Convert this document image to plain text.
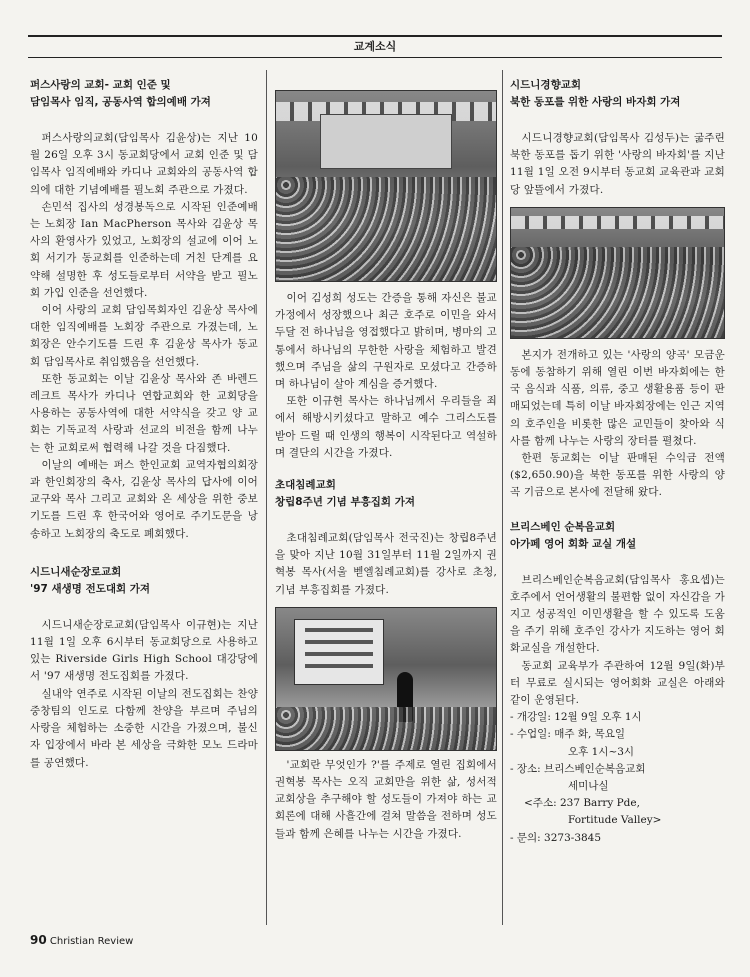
교계소식
퍼스사랑의 교회- 교회 인준 및
담임목사 임직, 공동사역 합의예배 가져

퍼스사랑의교회(담임목사 김윤상)는 지난 10월 26일 오후 3시 동교회당에서 교회 인준 및 담임목사 임직예배와 카디나 교회와의 공동사역 합의에 대한 기념예배를 필노회 주관으로 가졌다.

손민석 집사의 성경봉독으로 시작된 인준예배는 노회장 Ian MacPherson 목사와 김윤상 목사의 환영사가 있었고, 노회장의 설교에 이어 노회 서기가 동교회를 인준하는데 거친 단계를 요약해 설명한 후 성도들로부터 서약을 받고 필노회 가입 인준을 선언했다.

이어 사랑의 교회 담임목회자인 김윤상 목사에 대한 임직예배를 노회장 주관으로 가졌는데, 노회장은 안수기도를 드린 후 김윤상 목사가 동교회 담임목사로 취임했음을 선언했다.

또한 동교회는 이날 김윤상 목사와 존 바렌드레크트 목사가 카디나 연합교회와 한 교회당을 사용하는 공동사역에 대한 서약식을 갖고 양 교회는 기독교적 사랑과 선교의 비전을 함께 나누는 한 교회로써 협력해 나갈 것을 다짐했다.

이날의 예배는 퍼스 한인교회 교역자협의회장과 한인회장의 축사, 김윤상 목사의 답사에 이어 교구와 목사 그리고 교회와 온 세상을 위한 중보기도를 드린 후 한국어와 영어로 주기도문을 낭송하고 노회장의 축도로 폐회했다.

시드니새순장로교회
'97 새생명 전도대회 가져

시드니새순장로교회(담임목사 이규현)는 지난 11월 1일 오후 6시부터 동교회당으로 사용하고 있는 Riverside Girls High School 대강당에서 '97 새생명 전도집회를 가졌다.

실내악 연주로 시작된 이날의 전도집회는 찬양 중창팀의 인도로 다함께 찬양을 부르며 주님의 사랑을 체험하는 소중한 시간을 가졌으며, 불신자 입장에서 바라 본 세상을 극화한 모노 드라마를 공연했다.

이어 김성희 성도는 간증을 통해 자신은 불교가정에서 성장했으나 최근 호주로 이민을 와서 두달 전 하나님을 영접했다고 밝히며, 병마의 고통에서 하나님의 무한한 사랑을 체험하고 발견했으며 주님을 삶의 구원자로 모셨다고 간증하며 하나님이 살아 계심을 증거했다.

또한 이규현 목사는 하나님께서 우리들을 죄에서 해방시키셨다고 말하고 예수 그리스도를 받아 드릴 때 인생의 행복이 시작된다고 역설하며 결단의 시간을 가졌다.

초대침례교회
창립8주년 기념 부흥집회 가져

초대침례교회(담임목사 전국진)는 창립8주년을 맞아 지난 10월 31일부터 11월 2일까지 권혁봉 목사(서울 벧엘침례교회)를 강사로 초청, 기념 부흥집회를 가졌다.

'교회란 무엇인가 ?'를 주제로 열린 집회에서 권혁봉 목사는 오직 교회만을 위한 삶, 성서적 교회상을 추구해야 할 성도들이 가져야 하는 교회론에 대해 사흘간에 걸쳐 말씀을 전하며 성도들과 함께 은혜를 나누는 시간을 가졌다.

시드니경향교회
북한 동포를 위한 사랑의 바자회 가져

시드니경향교회(담임목사 김성두)는 굶주린 북한 동포를 돕기 위한 '사랑의 바자회'를 지난 11월 1일 오전 9시부터 동교회 교육관과 교회당 앞뜰에서 가졌다.

본지가 전개하고 있는 '사랑의 양곡' 모금운동에 동참하기 위해 열린 이번 바자회에는 한국 음식과 식품, 의류, 중고 생활용품 등이 판매되었는데 특히 이날 바자회장에는 인근 지역의 호주인을 비롯한 많은 교민들이 찾아와 식사를 함께 나누는 사랑의 장터를 펼쳤다.

한편 동교회는 이날 판매된 수익금 전액($2,650.90)을 북한 동포를 위한 사랑의 양곡 기금으로 본사에 전달해 왔다.

브리스베인 순복음교회
아가페 영어 회화 교실 개설

브리스베인순복음교회(담임목사 홍요셉)는 호주에서 언어생활의 불편함 없이 자신감을 가지고 성공적인 이민생활을 할 수 있도록 도움을 주기 위해 호주인 강사가 지도하는 영어 회화교실을 개설한다.

동교회 교육부가 주관하여 12월 9일(화)부터 무료로 실시되는 영어회화 교실은 아래와 같이 운영된다.

- 개강일: 12월 9일 오후 1시

- 수업일: 매주 화, 목요일

오후 1시~3시

- 장소: 브리스베인순복음교회

세미나실

<주소: 237 Barry Pde,

Fortitude Valley>

- 문의: 3273-3845

90 Christian Review
